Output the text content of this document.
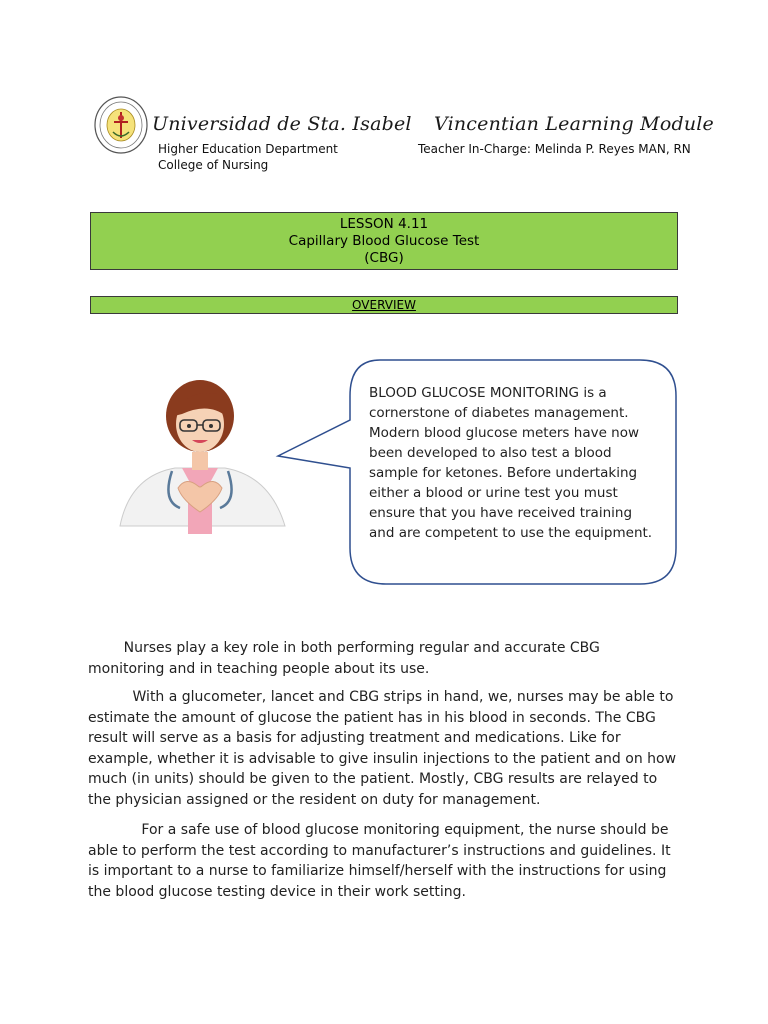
Universidad de Sta. Isabel Vincentian Learning Module
Higher Education Department
College of Nursing
Teacher In-Charge: Melinda P. Reyes MAN, RN
LESSON 4.11
Capillary Blood Glucose Test
(CBG)
OVERVIEW
BLOOD GLUCOSE MONITORING is a cornerstone of diabetes management. Modern blood glucose meters have now been developed to also test a blood sample for ketones. Before undertaking either a blood or urine test you must ensure that you have received training and are competent to use the equipment.

Nurses play a key role in both performing regular and accurate CBG monitoring and in teaching people about its use.

With a glucometer, lancet and CBG strips in hand, we, nurses may be able to estimate the amount of glucose the patient has in his blood in seconds. The CBG result will serve as a basis for adjusting treatment and medications. Like for example, whether it is advisable to give insulin injections to the patient and on how much (in units) should be given to the patient. Mostly, CBG results are relayed to the physician assigned or the resident on duty for management.

For a safe use of blood glucose monitoring equipment, the nurse should be able to perform the test according to manufacturer’s instructions and guidelines. It is important to a nurse to familiarize himself/herself with the instructions for using the blood glucose testing device in their work setting.
